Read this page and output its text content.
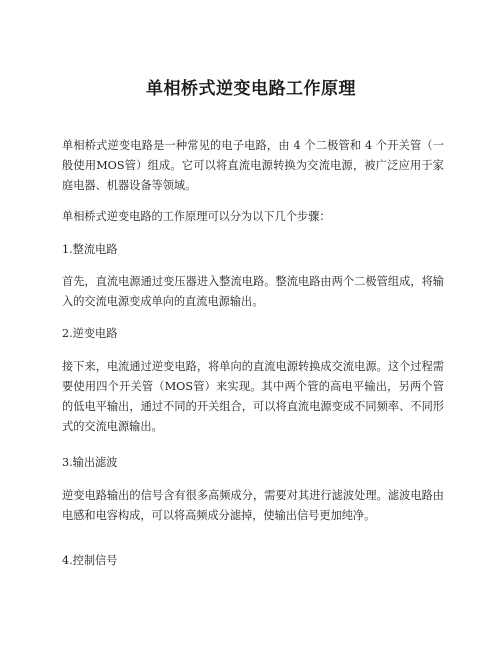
单相桥式逆变电路工作原理

单相桥式逆变电路是一种常见的电子电路，由 4 个二极管和 4 个开关管（一般使用MOS管）组成。它可以将直流电源转换为交流电源，被广泛应用于家庭电器、机器设备等领域。

单相桥式逆变电路的工作原理可以分为以下几个步骤：

1.整流电路

首先，直流电源通过变压器进入整流电路。整流电路由两个二极管组成，将输入的交流电源变成单向的直流电源输出。

2.逆变电路

接下来，电流通过逆变电路，将单向的直流电源转换成交流电源。这个过程需要使用四个开关管（MOS管）来实现。其中两个管的高电平输出，另两个管的低电平输出，通过不同的开关组合，可以将直流电源变成不同频率、不同形式的交流电源输出。

3.输出滤波

逆变电路输出的信号含有很多高频成分，需要对其进行滤波处理。滤波电路由电感和电容构成，可以将高频成分滤掉，使输出信号更加纯净。

4.控制信号
